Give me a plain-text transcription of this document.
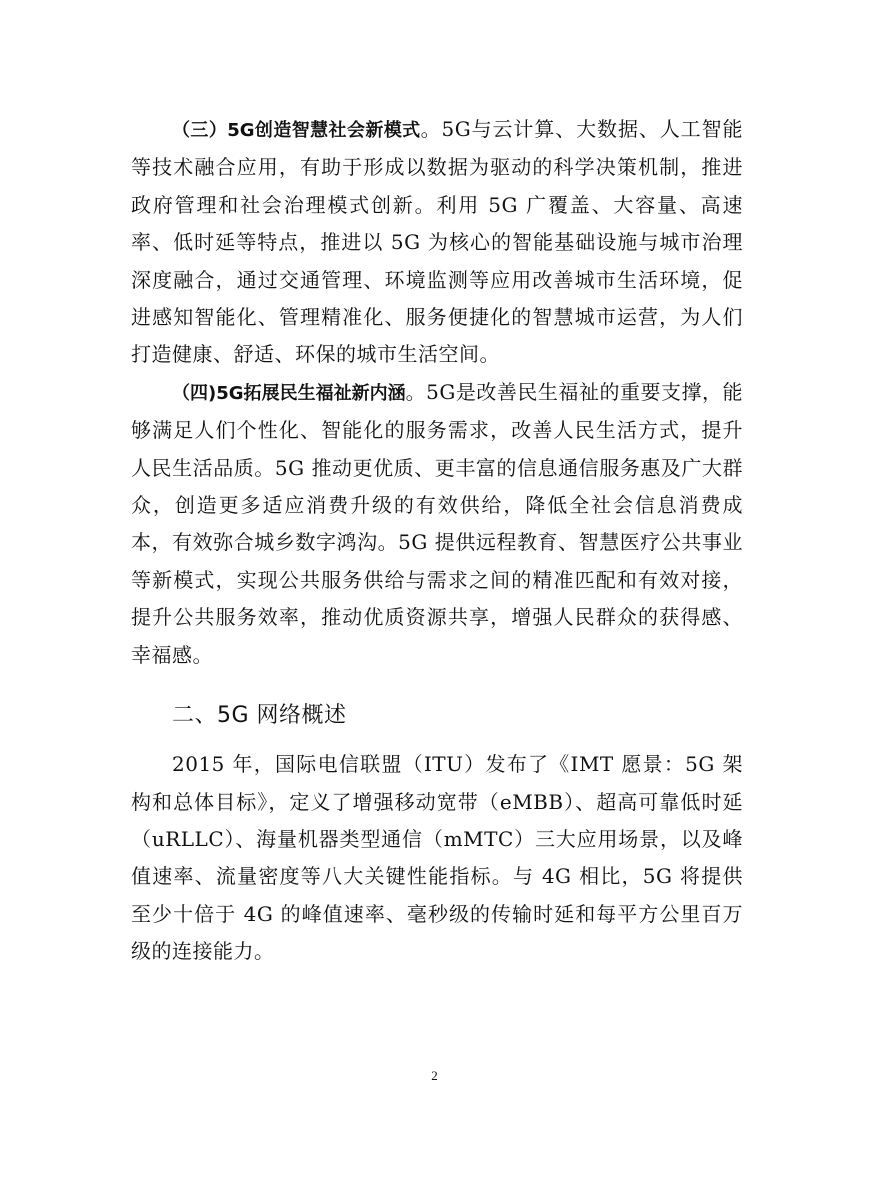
（三）5G创造智慧社会新模式。5G与云计算、大数据、人工智能等技术融合应用，有助于形成以数据为驱动的科学决策机制，推进政府管理和社会治理模式创新。利用 5G 广覆盖、大容量、高速率、低时延等特点，推进以 5G 为核心的智能基础设施与城市治理深度融合，通过交通管理、环境监测等应用改善城市生活环境，促进感知智能化、管理精准化、服务便捷化的智慧城市运营，为人们打造健康、舒适、环保的城市生活空间。

（四)5G拓展民生福祉新内涵。5G是改善民生福祉的重要支撑，能够满足人们个性化、智能化的服务需求，改善人民生活方式，提升人民生活品质。5G 推动更优质、更丰富的信息通信服务惠及广大群众，创造更多适应消费升级的有效供给，降低全社会信息消费成本，有效弥合城乡数字鸿沟。5G 提供远程教育、智慧医疗公共事业等新模式，实现公共服务供给与需求之间的精准匹配和有效对接，提升公共服务效率，推动优质资源共享，增强人民群众的获得感、幸福感。

二、5G 网络概述

2015 年，国际电信联盟（ITU）发布了《IMT 愿景：5G 架构和总体目标》，定义了增强移动宽带（eMBB）、超高可靠低时延（uRLLC）、海量机器类型通信（mMTC）三大应用场景，以及峰值速率、流量密度等八大关键性能指标。与 4G 相比，5G 将提供至少十倍于 4G 的峰值速率、毫秒级的传输时延和每平方公里百万级的连接能力。

2
